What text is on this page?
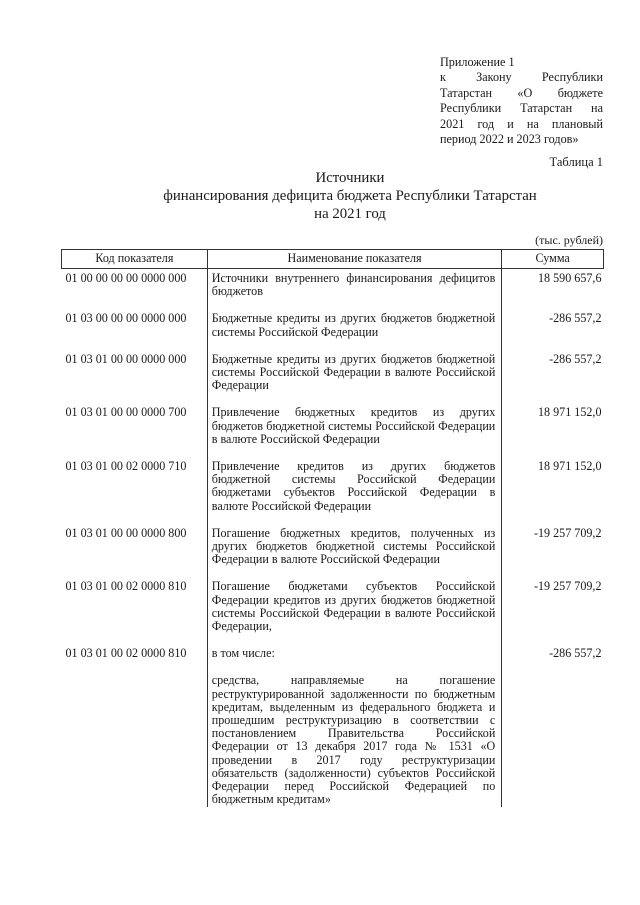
Приложение 1
к Закону Республики
Татарстан «О бюджете
Республики Татарстан на
2021 год и на плановый
период 2022 и 2023 годов»
Таблица 1
Источники
финансирования дефицита бюджета Республики Татарстан
на 2021 год
(тыс. рублей)
Код показателя	Наименование показателя	Сумма
01 00 00 00 00 0000 000	Источники внутреннего финансирования дефицитов бюджетов	18 590 657,6

01 03 00 00 00 0000 000	Бюджетные кредиты из других бюджетов бюджетной системы Российской Федерации	-286 557,2

01 03 01 00 00 0000 000	Бюджетные кредиты из других бюджетов бюджетной системы Российской Федерации в валюте Российской Федерации	-286 557,2

01 03 01 00 00 0000 700	Привлечение бюджетных кредитов из других бюджетов бюджетной системы Российской Федерации в валюте Российской Федерации	18 971 152,0

01 03 01 00 02 0000 710	Привлечение кредитов из других бюджетов бюджетной системы Российской Федерации бюджетами субъектов Российской Федерации в валюте Российской Федерации	18 971 152,0

01 03 01 00 00 0000 800	Погашение бюджетных кредитов, полученных из других бюджетов бюджетной системы Российской Федерации в валюте Российской Федерации	-19 257 709,2

01 03 01 00 02 0000 810	Погашение бюджетами субъектов Российской Федерации кредитов из других бюджетов бюджетной системы Российской Федерации в валюте Российской Федерации,	-19 257 709,2

01 03 01 00 02 0000 810	в том числе:	-286 557,2

	средства, направляемые на погашение реструктурированной задолженности по бюджетным кредитам, выделенным из федерального бюджета и прошедшим реструктуризацию в соответствии с постановлением Правительства Российской Федерации от 13 декабря 2017 года № 1531 «О проведении в 2017 году реструктуризации обязательств (задолженности) субъектов Российской Федерации перед Российской Федерацией по бюджетным кредитам»	
